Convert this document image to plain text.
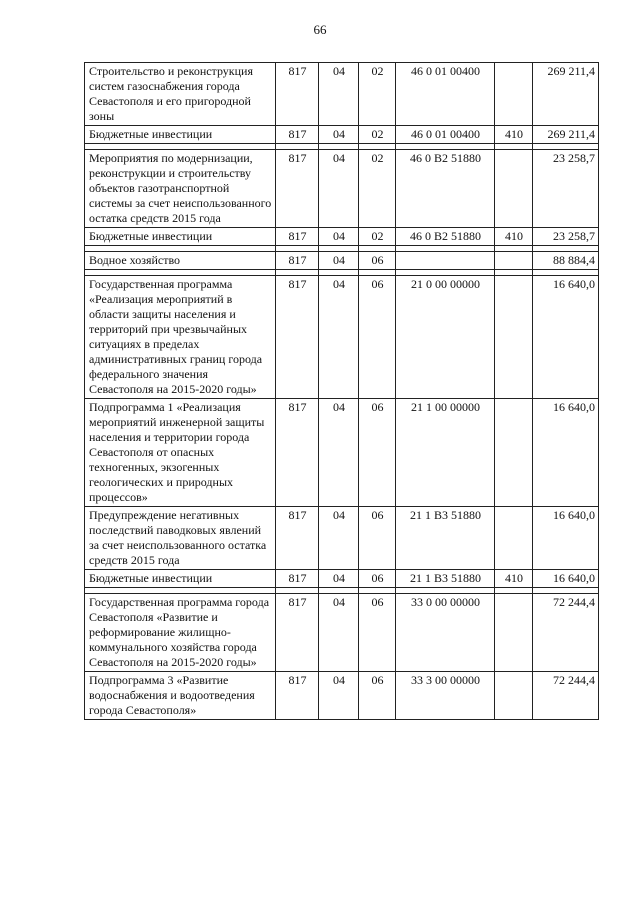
66
Строительство и реконструкция систем газоснабжения города Севастополя и его пригородной зоны	817	04	02	46 0 01 00400		269 211,4
Бюджетные инвестиции	817	04	02	46 0 01 00400	410	269 211,4

Мероприятия по модернизации, реконструкции и строительству объектов газотранспортной системы за счет неиспользованного остатка средств 2015 года	817	04	02	46 0 В2 51880		23 258,7
Бюджетные инвестиции	817	04	02	46 0 В2 51880	410	23 258,7

Водное хозяйство	817	04	06			88 884,4

Государственная программа «Реализация мероприятий в области защиты населения и территорий при чрезвычайных ситуациях в пределах административных границ города федерального значения Севастополя на 2015-2020 годы»	817	04	06	21 0 00 00000		16 640,0
Подпрограмма 1 «Реализация мероприятий инженерной защиты населения и территории города Севастополя от опасных техногенных, экзогенных геологических и природных процессов»	817	04	06	21 1 00 00000		16 640,0
Предупреждение негативных последствий паводковых явлений за счет неиспользованного остатка средств 2015 года	817	04	06	21 1 В3 51880		16 640,0
Бюджетные инвестиции	817	04	06	21 1 В3 51880	410	16 640,0

Государственная программа города Севастополя «Развитие и реформирование жилищно-коммунального хозяйства города Севастополя на 2015-2020 годы»	817	04	06	33 0 00 00000		72 244,4
Подпрограмма 3 «Развитие водоснабжения и водоотведения города Севастополя»	817	04	06	33 3 00 00000		72 244,4
